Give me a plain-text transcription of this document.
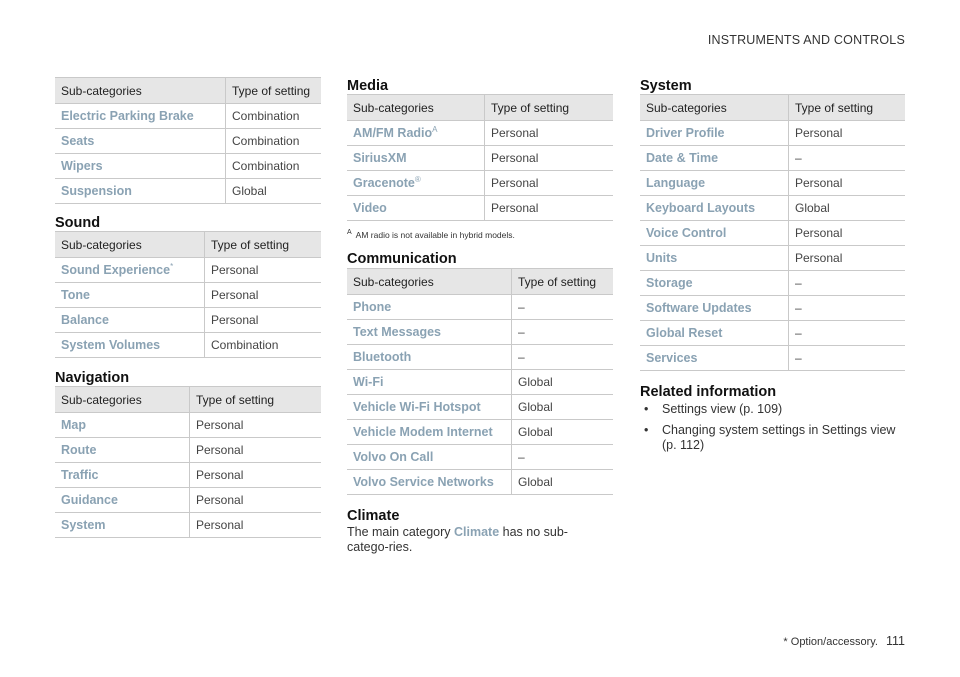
INSTRUMENTS AND CONTROLS
Sub-categories	Type of setting
Electric Parking Brake	Combination
Seats	Combination
Wipers	Combination
Suspension	Global
Sound
Sub-categories	Type of setting
Sound Experience*	Personal
Tone	Personal
Balance	Personal
System Volumes	Combination
Navigation
Sub-categories	Type of setting
Map	Personal
Route	Personal
Traffic	Personal
Guidance	Personal
System	Personal
Media
Sub-categories	Type of setting
AM/FM Radio$^A$	Personal
SiriusXM	Personal
Gracenote®	Personal
Video	Personal
$^A$ AM radio is not available in hybrid models.
Communication
Sub-categories	Type of setting
Phone	–
Text Messages	–
Bluetooth	–
Wi-Fi	Global
Vehicle Wi-Fi Hotspot	Global
Vehicle Modem Internet	Global
Volvo On Call	–
Volvo Service Networks	Global
Climate
The main category Climate has no sub-catego-ries.
System
Sub-categories	Type of setting
Driver Profile	Personal
Date & Time	–
Language	Personal
Keyboard Layouts	Global
Voice Control	Personal
Units	Personal
Storage	–
Software Updates	–
Global Reset	–
Services	–
Related information
• Settings view (p. 109)
• Changing system settings in Settings view (p. 112)
* Option/accessory. 111
